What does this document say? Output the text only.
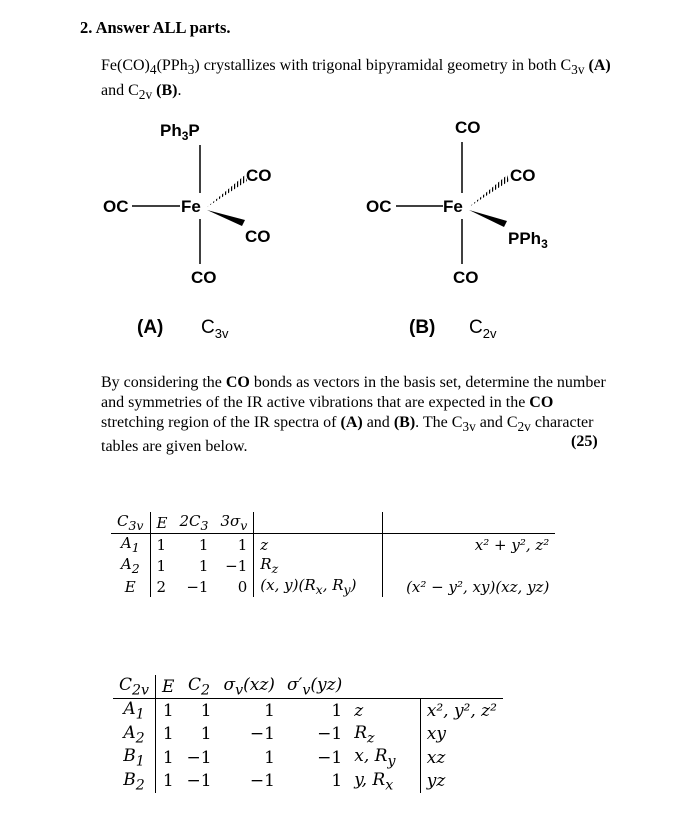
2. Answer ALL parts.
$Fe(CO)_4(PPh_3)$ crystallizes with trigonal bipyramidal geometry in both $C_{3v}$ (A) and $C_{2v}$ (B).
$Ph_3P$
OC	Fe
CO
CO
CO
(A) $C_{3v}$
CO
OC	Fe
CO
PPh$_3$
CO
(B) $C_{2v}$
By considering the CO bonds as vectors in the basis set, determine the number and symmetries of the IR active vibrations that are expected in the CO stretching region of the IR spectra of (A) and (B). The $C_{3v}$ and $C_{2v}$ character tables are given below.	(25)
$C_{3v}$	E	$2C_3$	$3\sigma_v$		
$A_1$	1	1	1	z	x² + y², z²
$A_2$	1	1	−1	$R_z$	
E	2	−1	0	(x, $y)(R_x$, $R_y$)	(x² − y², xy)(xz, yz)
$C_{2v}$	E	$C_2$	$\sigma_v(xz)$	$\sigma'_v(yz)$		
$A_1$	1	1	1	1	z	x², y², z²
$A_2$	1	1	−1	−1	$R_z$	xy
$B_1$	1	−1	1	−1	x, $R_y$	xz
$B_2$	1	−1	−1	1	y, $R_x$	yz
